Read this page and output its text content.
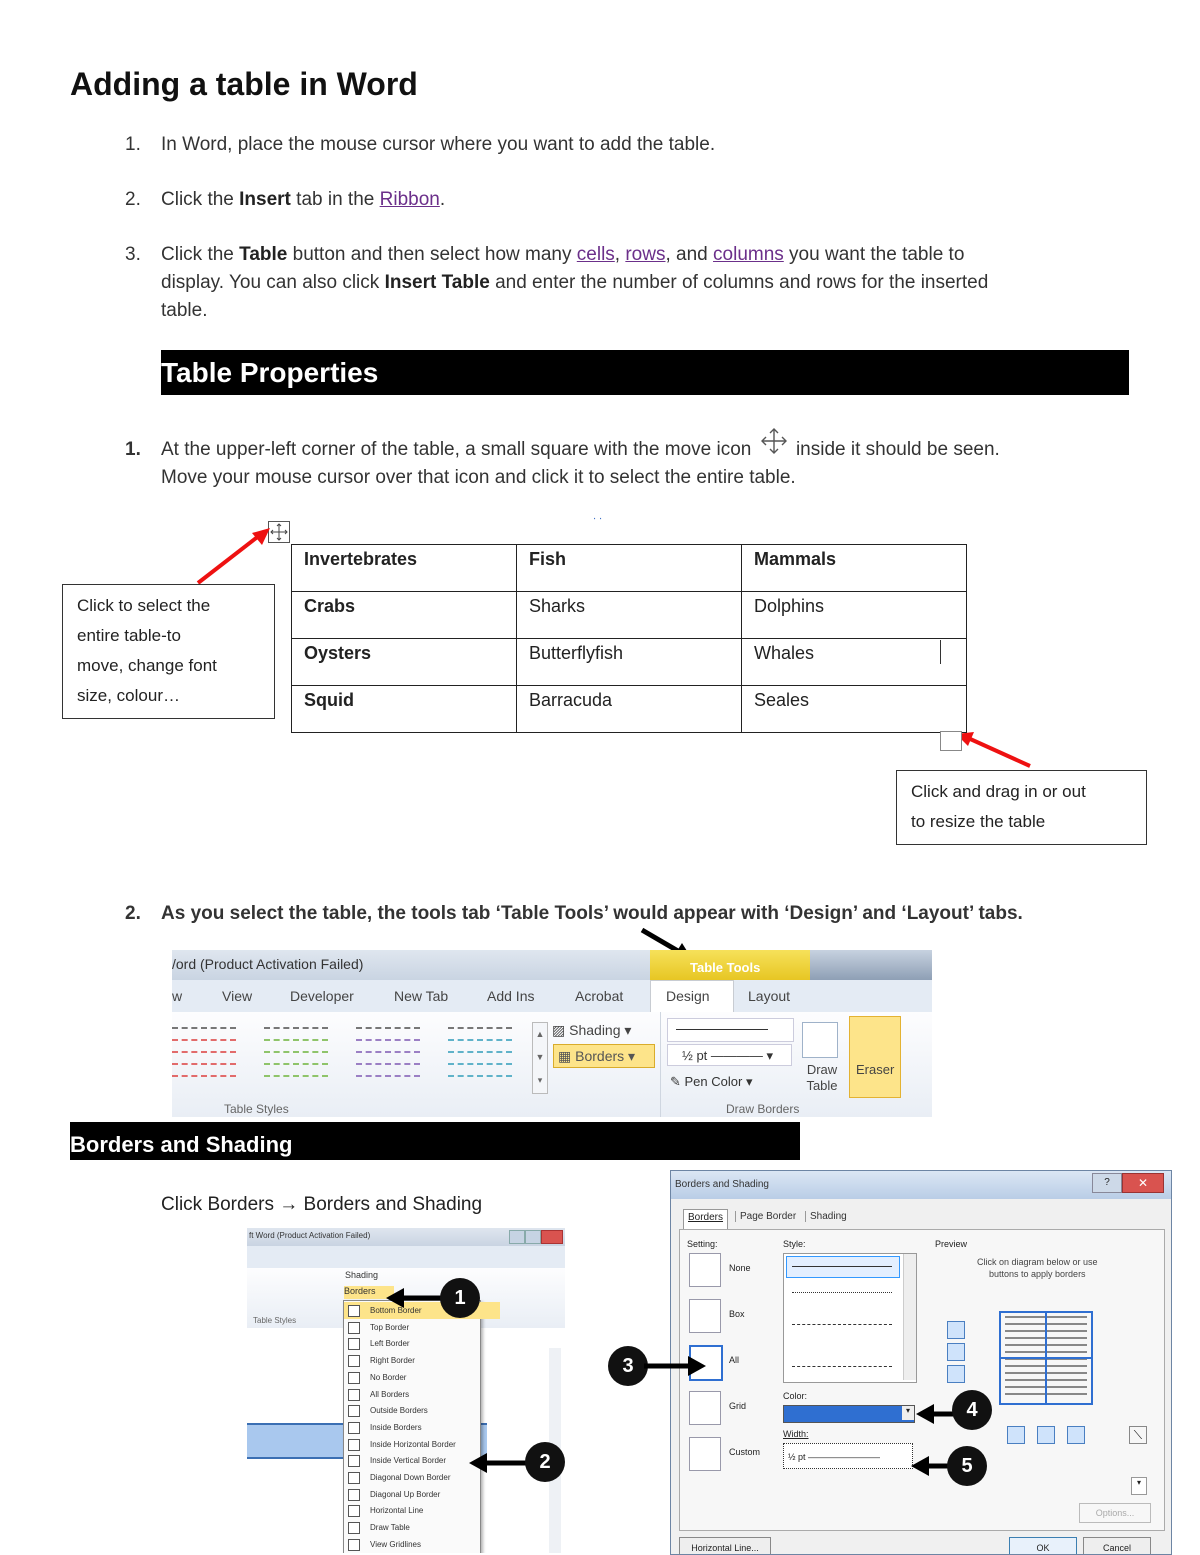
Adding a table in Word
1.	In Word, place the mouse cursor where you want to add the table.
2.	Click the Insert tab in the Ribbon.
3.	Click the Table button and then select how many cells, rows, and columns you want the table to
display. You can also click Insert Table and enter the number of columns and rows for the inserted
table.
Table Properties
1.	At the upper-left corner of the table, a small square with the move icon inside it should be seen.
Move your mouse cursor over that icon and click it to select the entire table.
⋅ ⋅
Click to select the
entire table-to
move, change font
size, colour…
Invertebrates	Fish	Mammals
Crabs	Sharks	Dolphins
Oysters	Butterflyfish	Whales
Squid	Barracuda	Seales
Click and drag in or out
to resize the table
2.	As you select the table, the tools tab ‘Table Tools’ would appear with ‘Design’ and ‘Layout’ tabs.
/ord (Product Activation Failed)	Table Tools
w	View	Developer	New Tab	Add Ins	Acrobat	Design	Layout
▲
▼
▾
Table Styles
▨ Shading ▾
▦ Borders ▾	½ pt ———— ▾
✎ Pen Color ▾
Draw
Table
Eraser
Draw Borders
Borders and Shading
Click Borders → Borders and Shading
ft Word (Product Activation Failed)
Table Styles
Shading
Borders
Bottom Border
Top Border
Left Border
Right Border
No Border
All Borders
Outside Borders
Inside Borders
Inside Horizontal Border
Inside Vertical Border
Diagonal Down Border
Diagonal Up Border
Horizontal Line
Draw Table
View Gridlines
Borders and Shading	?	✕
Borders	Page Border	Shading
Setting:
None
Box
All
Grid
Custom
Style:
Color:
▾
Width:
½ pt ————————
Preview
Click on diagram below or use
buttons to apply borders
⟍
▾
Options...
Horizontal Line...	OK	Cancel
1
2
3
4
5
